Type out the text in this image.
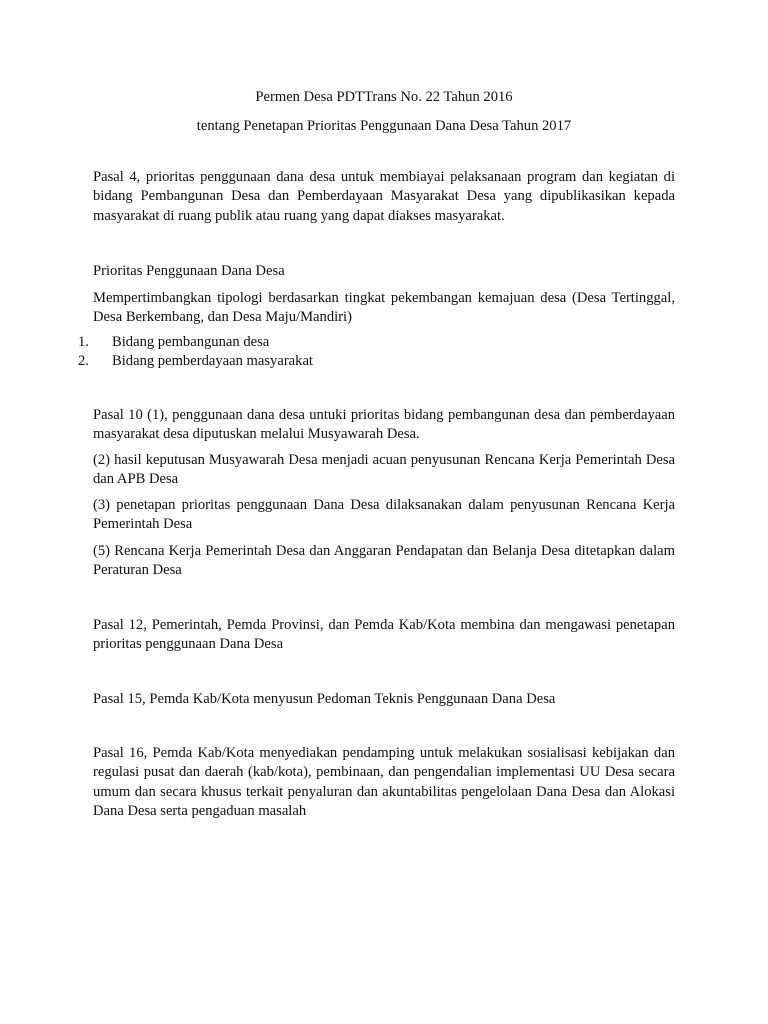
Permen Desa PDTTrans No. 22 Tahun 2016
tentang Penetapan Prioritas Penggunaan Dana Desa Tahun 2017
Pasal 4, prioritas penggunaan dana desa untuk membiayai pelaksanaan program dan kegiatan di bidang Pembangunan Desa dan Pemberdayaan Masyarakat Desa yang dipublikasikan kepada masyarakat di ruang publik atau ruang yang dapat diakses masyarakat.
Prioritas Penggunaan Dana Desa
Mempertimbangkan tipologi berdasarkan tingkat pekembangan kemajuan desa (Desa Tertinggal, Desa Berkembang, dan Desa Maju/Mandiri)
1. Bidang pembangunan desa
2. Bidang pemberdayaan masyarakat
Pasal 10 (1), penggunaan dana desa untuki prioritas bidang pembangunan desa dan pemberdayaan masyarakat desa diputuskan melalui Musyawarah Desa.
(2) hasil keputusan Musyawarah Desa menjadi acuan penyusunan Rencana Kerja Pemerintah Desa dan APB Desa
(3) penetapan prioritas penggunaan Dana Desa dilaksanakan dalam penyusunan Rencana Kerja Pemerintah Desa
(5) Rencana Kerja Pemerintah Desa dan Anggaran Pendapatan dan Belanja Desa ditetapkan dalam Peraturan Desa
Pasal 12, Pemerintah, Pemda Provinsi, dan Pemda Kab/Kota membina dan mengawasi penetapan prioritas penggunaan Dana Desa
Pasal 15, Pemda Kab/Kota menyusun Pedoman Teknis Penggunaan Dana Desa
Pasal 16, Pemda Kab/Kota menyediakan pendamping untuk melakukan sosialisasi kebijakan dan regulasi pusat dan daerah (kab/kota), pembinaan, dan pengendalian implementasi UU Desa secara umum dan secara khusus terkait penyaluran dan akuntabilitas pengelolaan Dana Desa dan Alokasi Dana Desa serta pengaduan masalah
